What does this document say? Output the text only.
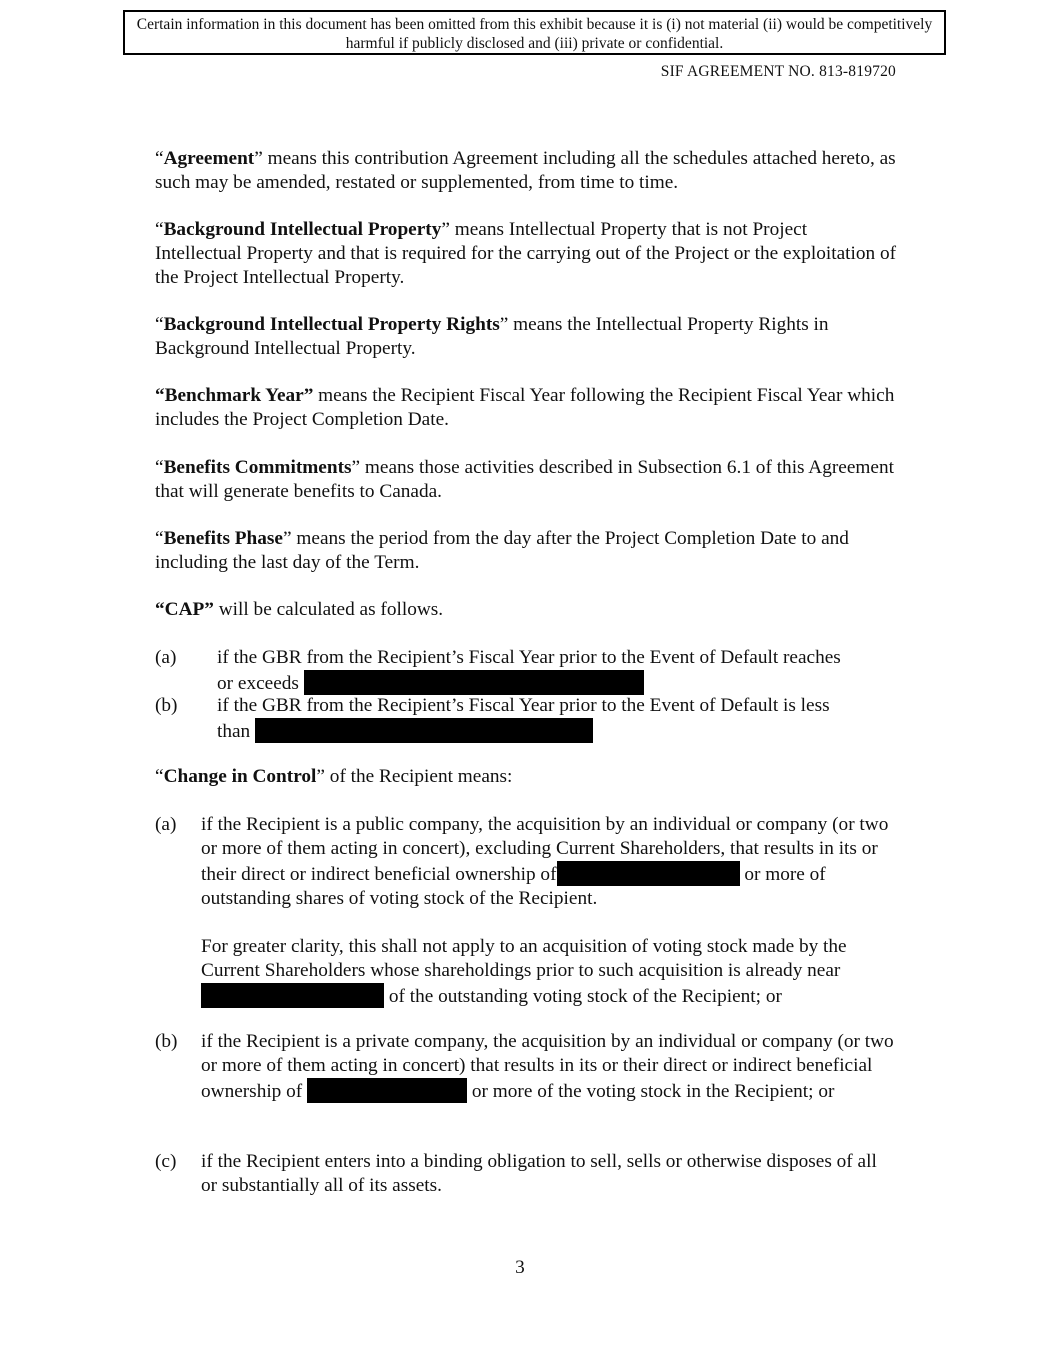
Certain information in this document has been omitted from this exhibit because it is (i) not material (ii) would be competitively harmful if publicly disclosed and (iii) private or confidential.
SIF AGREEMENT NO. 813-819720

“Agreement” means this contribution Agreement including all the schedules attached hereto, as such may be amended, restated or supplemented, from time to time.

“Background Intellectual Property” means Intellectual Property that is not Project Intellectual Property and that is required for the carrying out of the Project or the exploitation of the Project Intellectual Property.

“Background Intellectual Property Rights” means the Intellectual Property Rights in Background Intellectual Property.

“Benchmark Year” means the Recipient Fiscal Year following the Recipient Fiscal Year which includes the Project Completion Date.

“Benefits Commitments” means those activities described in Subsection 6.1 of this Agreement that will generate benefits to Canada.

“Benefits Phase” means the period from the day after the Project Completion Date to and including the last day of the Term.

“CAP” will be calculated as follows.

(a) if the GBR from the Recipient’s Fiscal Year prior to the Event of Default reaches
or exceeds
(b) if the GBR from the Recipient’s Fiscal Year prior to the Event of Default is less
than

“Change in Control” of the Recipient means:

(a) if the Recipient is a public company, the acquisition by an individual or company (or two or more of them acting in concert), excluding Current Shareholders, that results in its or their direct or indirect beneficial ownership of	or more of outstanding shares of voting stock of the Recipient.

For greater clarity, this shall not apply to an acquisition of voting stock made by the Current Shareholders whose shareholdings prior to such acquisition is already near  of the outstanding voting stock of the Recipient; or

(b) if the Recipient is a private company, the acquisition by an individual or company (or two or more of them acting in concert) that results in its or their direct or indirect beneficial ownership of	or more of the voting stock in the Recipient; or

(c) if the Recipient enters into a binding obligation to sell, sells or otherwise disposes of all or substantially all of its assets.

3
